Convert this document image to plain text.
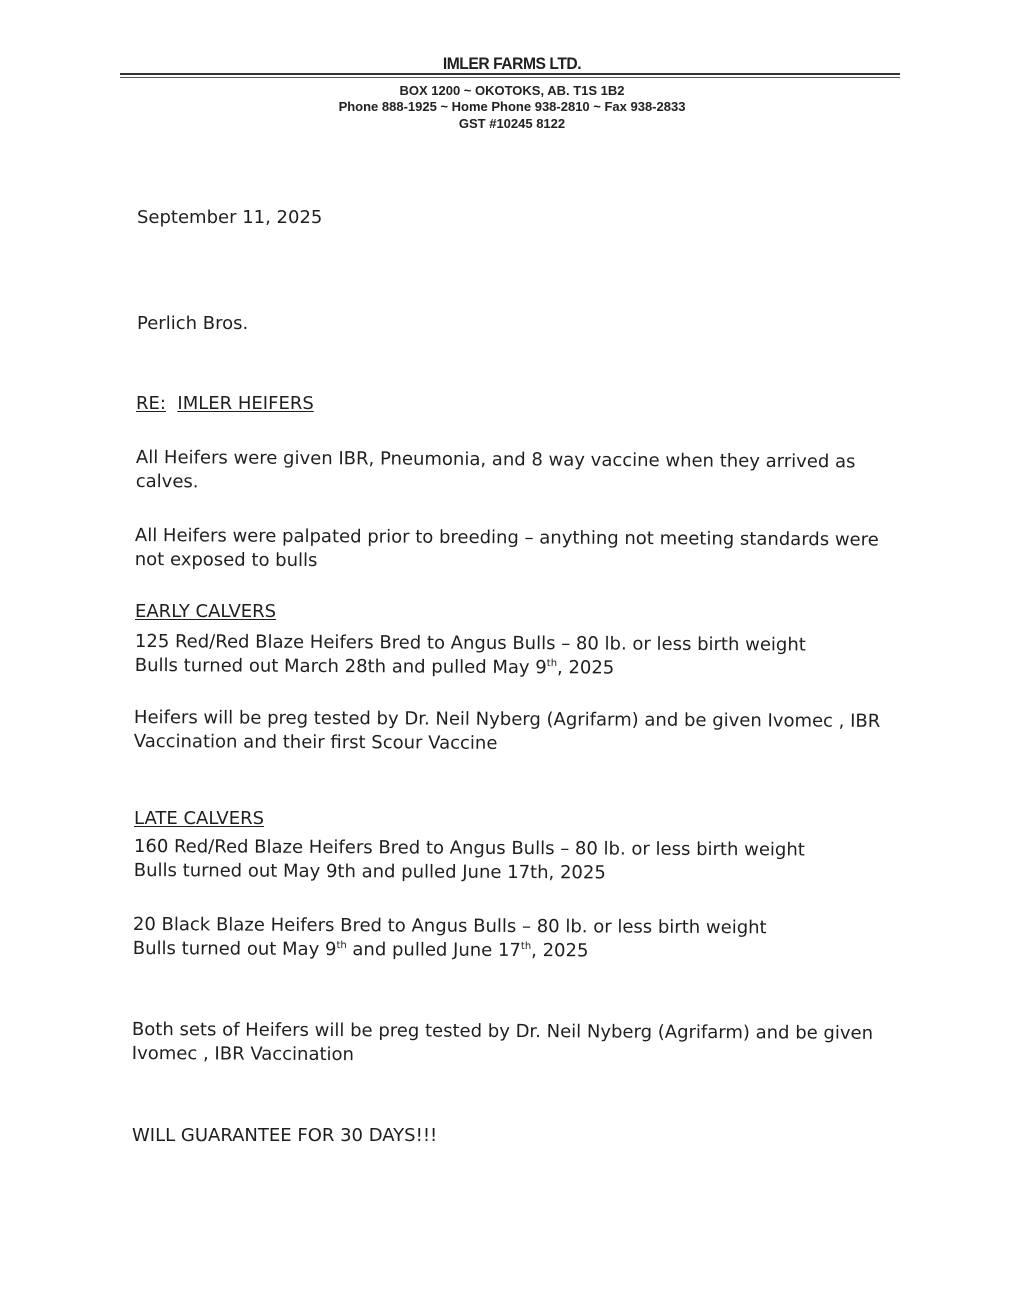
IMLER FARMS LTD.
BOX 1200 ~ OKOTOKS, AB. T1S 1B2
Phone 888-1925 ~ Home Phone 938-2810 ~ Fax 938-2833
GST #10245 8122
September 11, 2025
Perlich Bros.
RE: IMLER HEIFERS
All Heifers were given IBR, Pneumonia, and 8 way vaccine when they arrived as
calves.
All Heifers were palpated prior to breeding – anything not meeting standards were
not exposed to bulls
EARLY CALVERS
125 Red/Red Blaze Heifers Bred to Angus Bulls – 80 lb. or less birth weight
Bulls turned out March 28th and pulled May 9th, 2025
Heifers will be preg tested by Dr. Neil Nyberg (Agrifarm) and be given Ivomec , IBR
Vaccination and their first Scour Vaccine
LATE CALVERS
160 Red/Red Blaze Heifers Bred to Angus Bulls – 80 lb. or less birth weight
Bulls turned out May 9th and pulled June 17th, 2025
20 Black Blaze Heifers Bred to Angus Bulls – 80 lb. or less birth weight
Bulls turned out May 9th and pulled June 17th, 2025
Both sets of Heifers will be preg tested by Dr. Neil Nyberg (Agrifarm) and be given
Ivomec , IBR Vaccination
WILL GUARANTEE FOR 30 DAYS!!!
